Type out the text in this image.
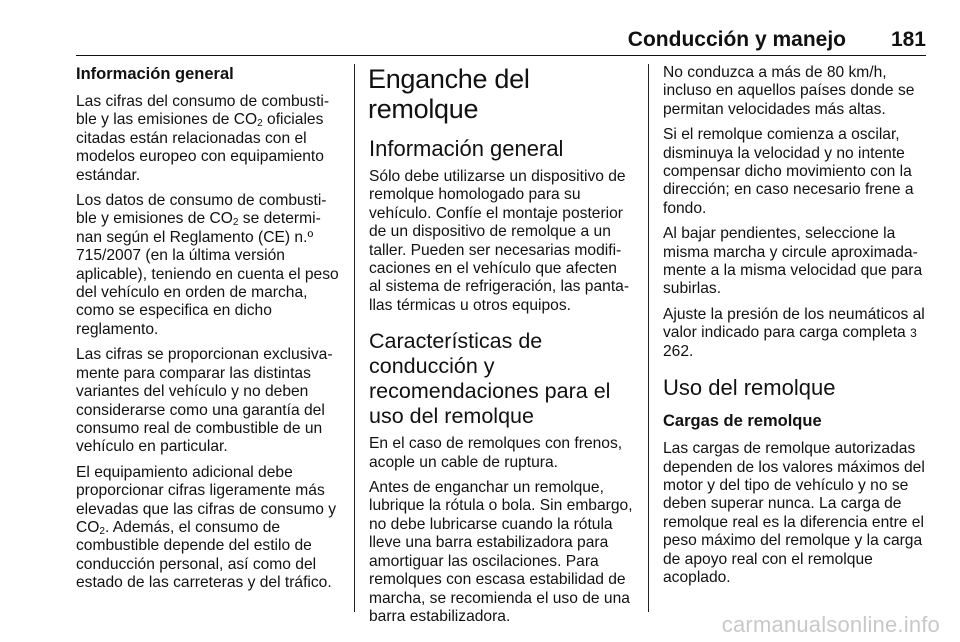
Conducción y manejo	181
Información general

Las cifras del consumo de combusti-ble y las emisiones de $CO_2$ oficiales citadas están relacionadas con el modelos europeo con equipamiento estándar.

Los datos de consumo de combusti-ble y emisiones de $CO_2$ se determi-nan según el Reglamento (CE) n.º 715/2007 (en la última versión aplicable), teniendo en cuenta el peso del vehículo en orden de marcha, como se especifica en dicho reglamento.

Las cifras se proporcionan exclusiva-mente para comparar las distintas variantes del vehículo y no deben considerarse como una garantía del consumo real de combustible de un vehículo en particular.

El equipamiento adicional debe proporcionar cifras ligeramente más elevadas que las cifras de consumo y $CO_2$. Además, el consumo de combustible depende del estilo de conducción personal, así como del estado de las carreteras y del tráfico.

Enganche del remolque
Información general

Sólo debe utilizarse un dispositivo de remolque homologado para su vehículo. Confíe el montaje posterior de un dispositivo de remolque a un taller. Pueden ser necesarias modifi-caciones en el vehículo que afecten al sistema de refrigeración, las panta-llas térmicas u otros equipos.

Características de conducción y recomendaciones para el uso del remolque

En el caso de remolques con frenos, acople un cable de ruptura.

Antes de enganchar un remolque, lubrique la rótula o bola. Sin embargo, no debe lubricarse cuando la rótula lleve una barra estabilizadora para amortiguar las oscilaciones. Para remolques con escasa estabilidad de marcha, se recomienda el uso de una barra estabilizadora.

No conduzca a más de 80 km/h, incluso en aquellos países donde se permitan velocidades más altas.

Si el remolque comienza a oscilar, disminuya la velocidad y no intente compensar dicho movimiento con la dirección; en caso necesario frene a fondo.

Al bajar pendientes, seleccione la misma marcha y circule aproximada-mente a la misma velocidad que para subirlas.

Ajuste la presión de los neumáticos al valor indicado para carga completa 3 262.

Uso del remolque
Cargas de remolque

Las cargas de remolque autorizadas dependen de los valores máximos del motor y del tipo de vehículo y no se deben superar nunca. La carga de remolque real es la diferencia entre el peso máximo del remolque y la carga de apoyo real con el remolque acoplado.

carmanualsonline.info
